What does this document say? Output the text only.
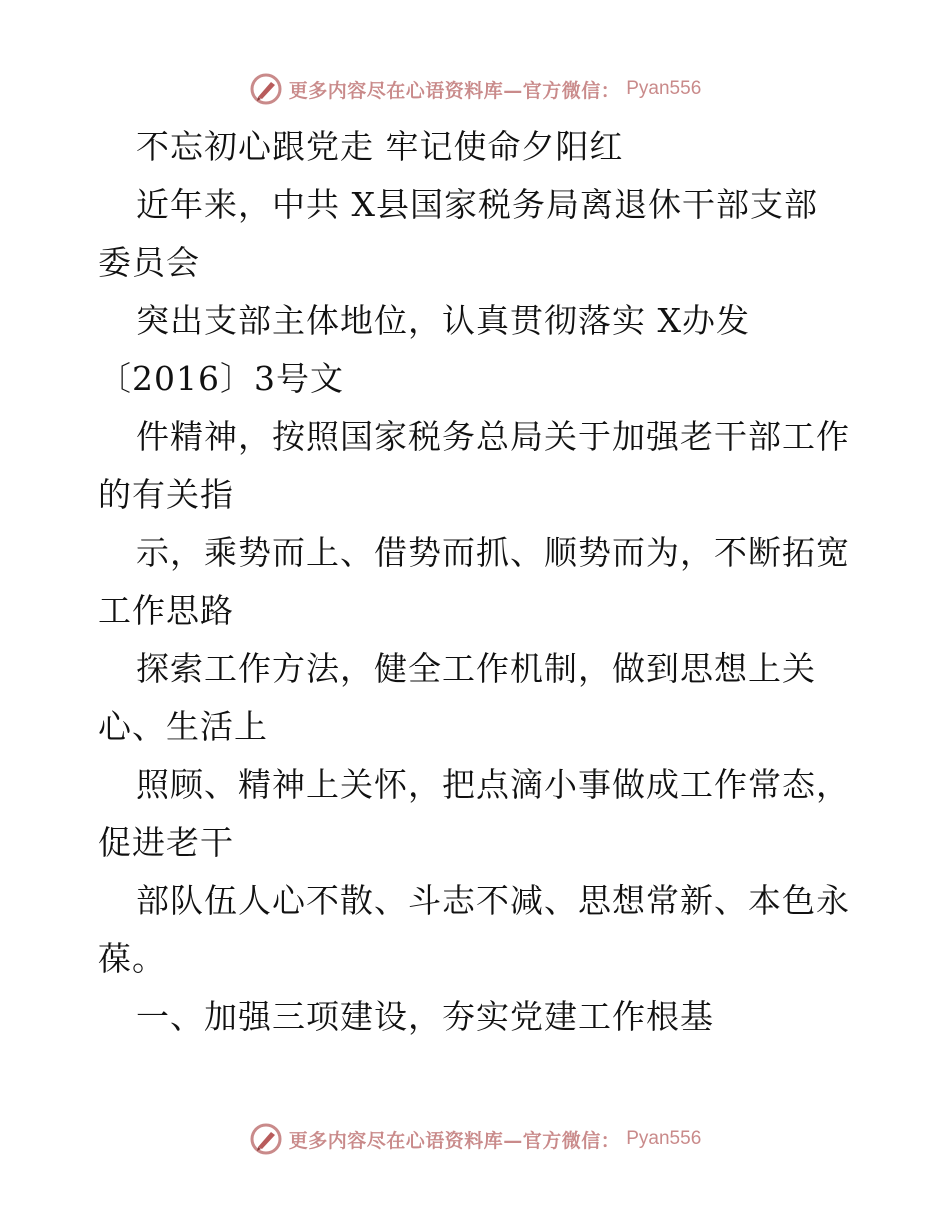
更多内容尽在心语资料库—官方微信： Pyan556
不忘初心跟党走 牢记使命夕阳红
近年来，中共 X县国家税务局离退休干部支部
委员会
突出支部主体地位，认真贯彻落实 X办发
〔2016〕3号文
件精神，按照国家税务总局关于加强老干部工作
的有关指
示，乘势而上、借势而抓、顺势而为，不断拓宽
工作思路
探索工作方法，健全工作机制，做到思想上关
心、生活上
照顾、精神上关怀，把点滴小事做成工作常态，
促进老干
部队伍人心不散、斗志不减、思想常新、本色永
葆。
一、加强三项建设，夯实党建工作根基
更多内容尽在心语资料库—官方微信： Pyan556
